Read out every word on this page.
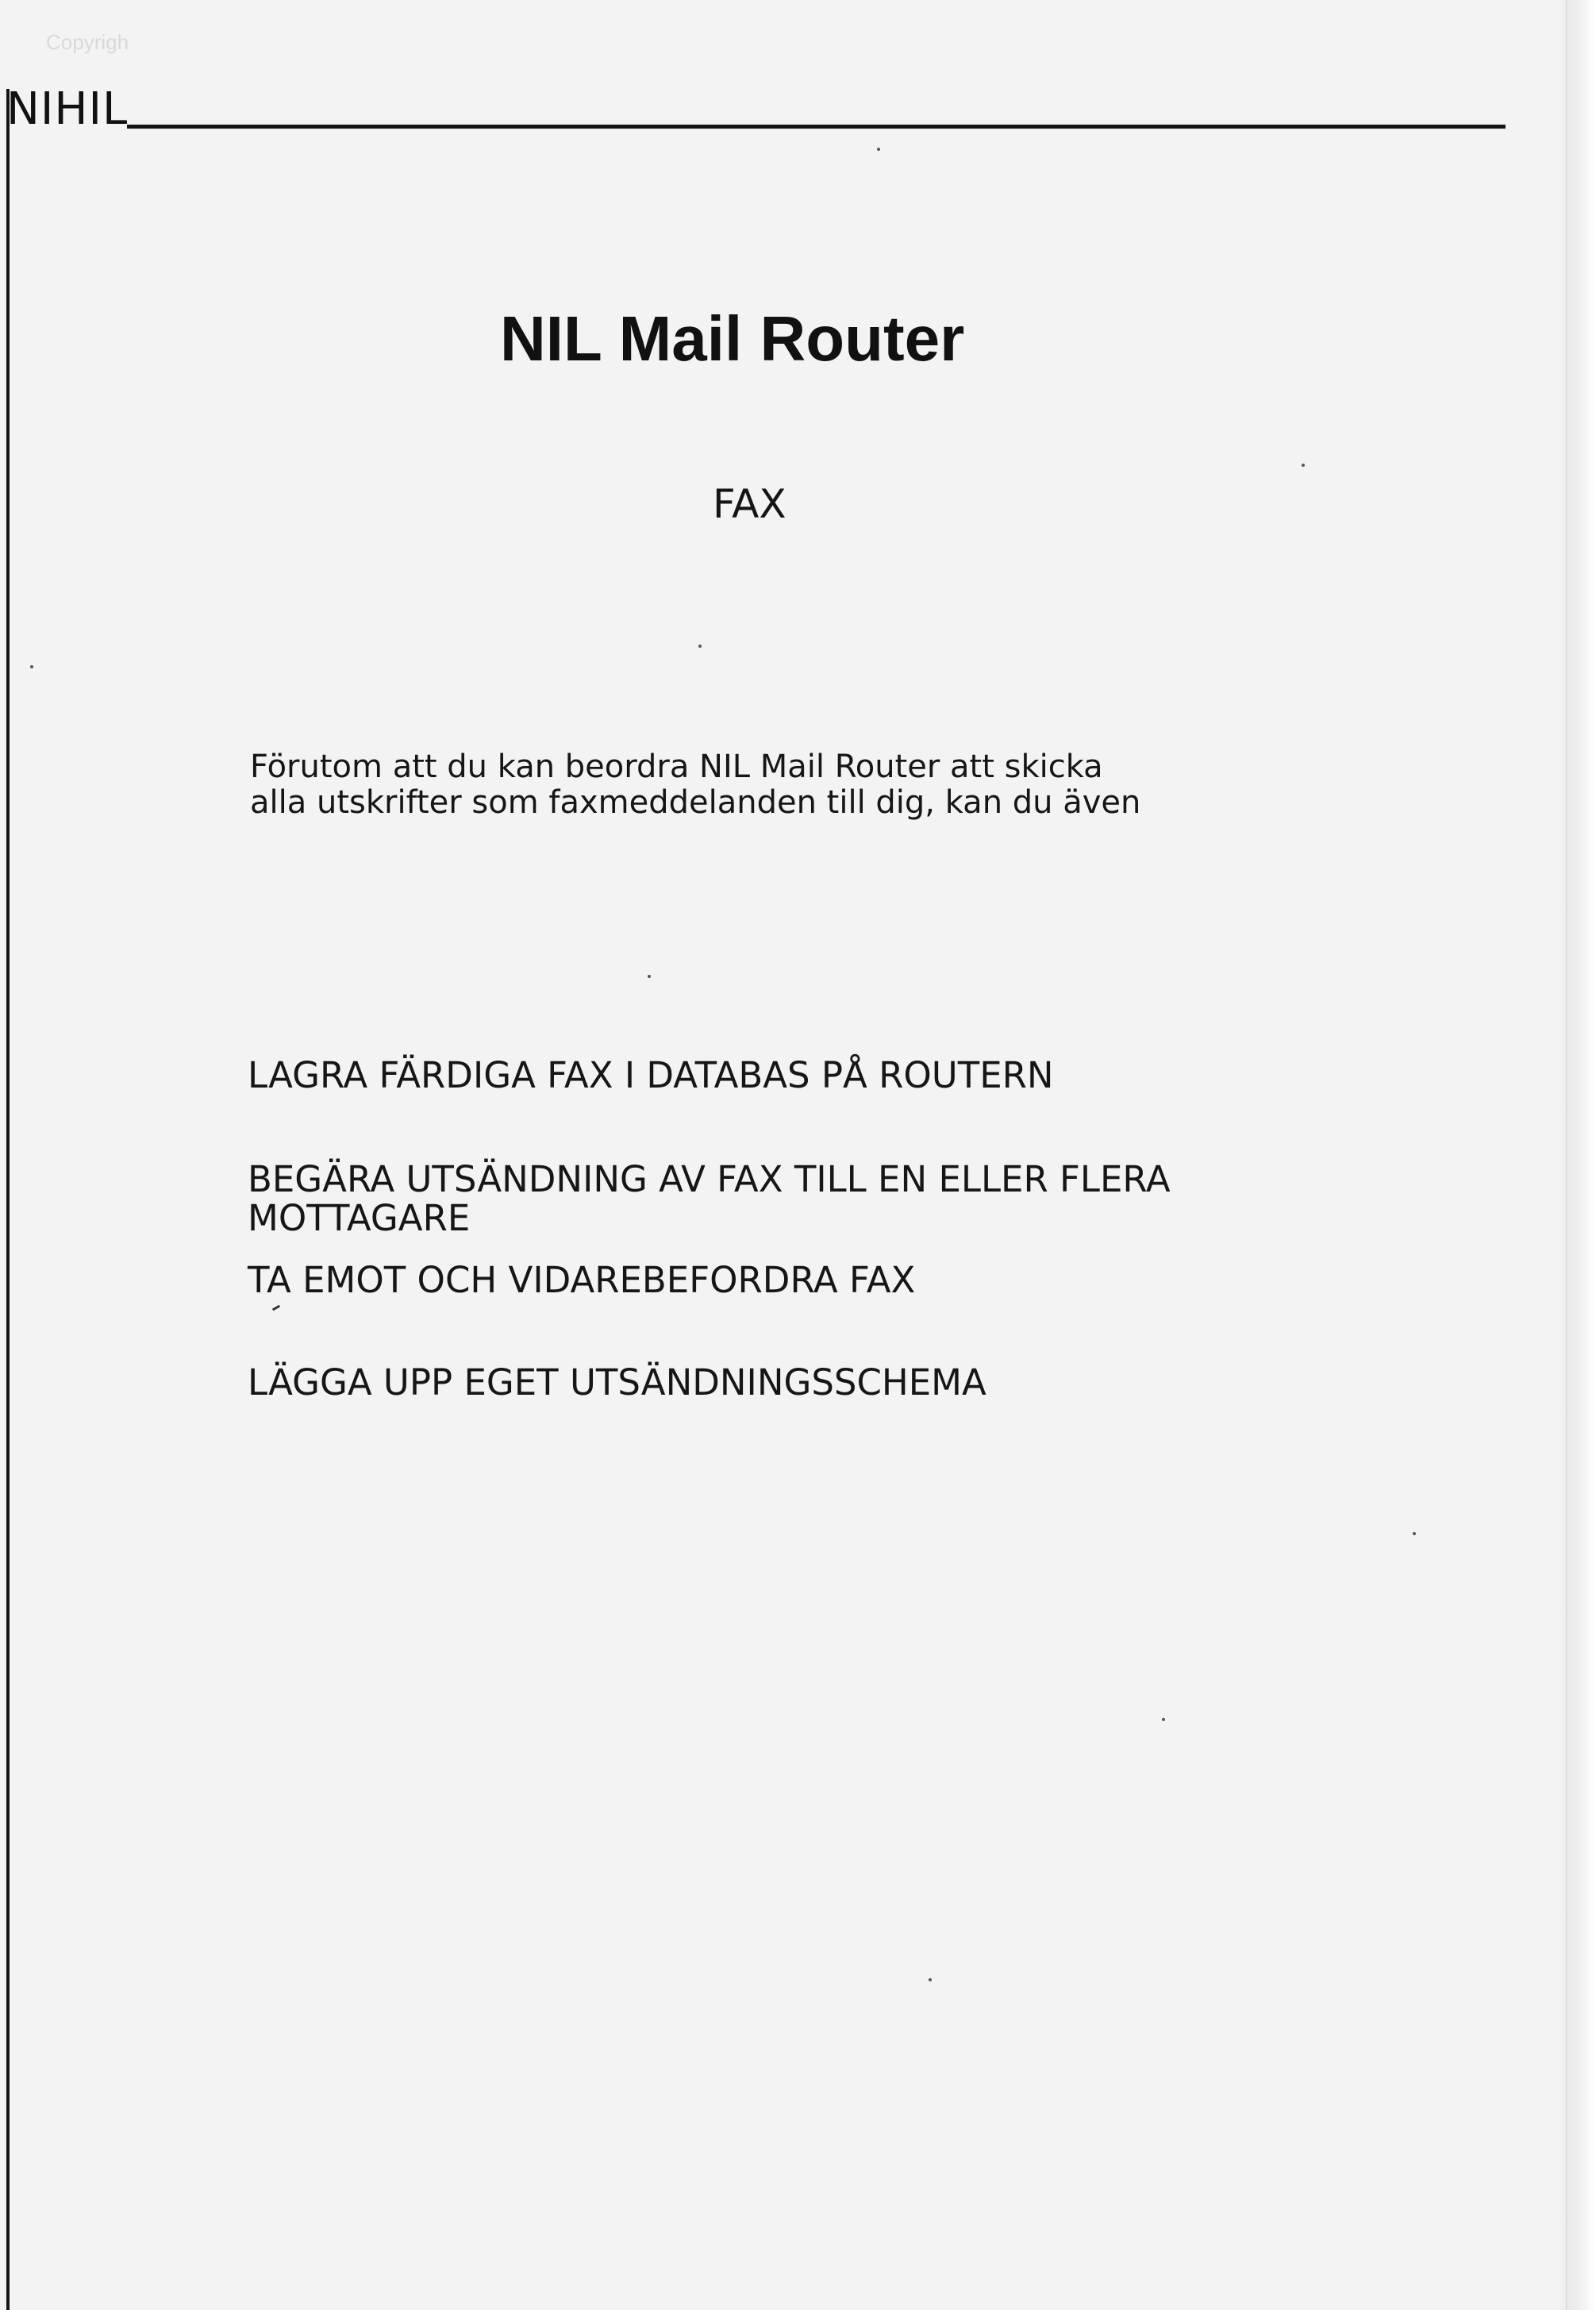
Copyrigh
NIHIL
NIL Mail Router
FAX
Förutom att du kan beordra NIL Mail Router att skicka
alla utskrifter som faxmeddelanden till dig, kan du även
LAGRA FÄRDIGA FAX I DATABAS PÅ ROUTERN
BEGÄRA UTSÄNDNING AV FAX TILL EN ELLER FLERA MOTTAGARE
TA EMOT OCH VIDAREBEFORDRA FAX
LÄGGA UPP EGET UTSÄNDNINGSSCHEMA
